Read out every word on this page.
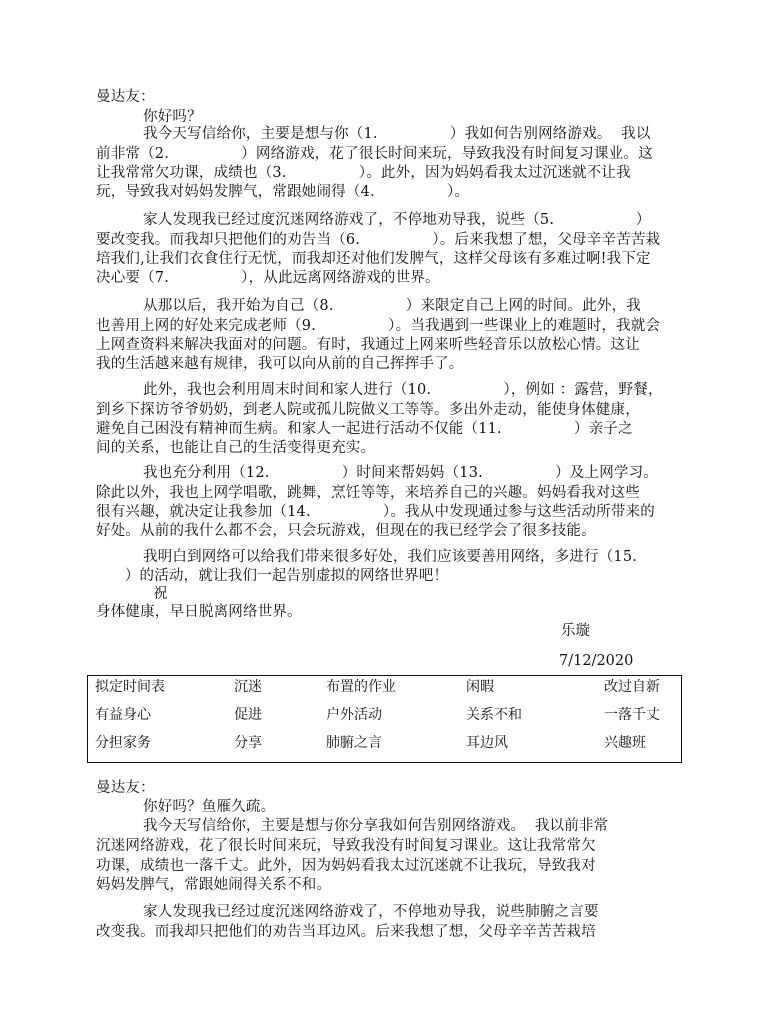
曼达友：
你好吗？
我今天写信给你，主要是想与你（1.               ）我如何告别网络游戏。  我以
前非常（2.               ）网络游戏，花了很长时间来玩，导致我没有时间复习课业。这
让我常常欠功课，成绩也（3.               ）。此外，因为妈妈看我太过沉迷就不让我
玩，导致我对妈妈发脾气，常跟她闹得（4.               ）。
家人发现我已经过度沉迷网络游戏了，不停地劝导我，说些（5.                 ）
要改变我。而我却只把他们的劝告当（6.               ）。后来我想了想，父母辛辛苦苦栽
培我们,让我们衣食住行无忧，而我却还对他们发脾气，这样父母该有多难过啊!我下定
决心要（7.               ），从此远离网络游戏的世界。
从那以后，我开始为自己（8.               ）来限定自己上网的时间。此外，我
也善用上网的好处来完成老师（9.               ）。当我遇到一些课业上的难题时，我就会
上网查资料来解决我面对的问题。有时，我通过上网来听些轻音乐以放松心情。这让
我的生活越来越有规律，我可以向从前的自己挥挥手了。
此外，我也会利用周末时间和家人进行（10.               ），例如 ：露营，野餐，
到乡下探访爷爷奶奶，到老人院或孤儿院做义工等等。多出外走动，能使身体健康，
避免自己困没有精神而生病。和家人一起进行活动不仅能（11.               ）亲子之
间的关系，也能让自己的生活变得更充实。
我也充分利用（12.               ）时间来帮妈妈（13.               ）及上网学习。
除此以外，我也上网学唱歌，跳舞，烹饪等等，来培养自己的兴趣。妈妈看我对这些
很有兴趣，就决定让我参加（14.               ）。我从中发现通过参与这些活动所带来的
好处。从前的我什么都不会，只会玩游戏，但现在的我已经学会了很多技能。
我明白到网络可以给我们带来很多好处，我们应该要善用网络，多进行（15.
）的活动，就让我们一起告别虚拟的网络世界吧！
祝
身体健康，早日脱离网络世界。
乐璇
7/12/2020
拟定时间表	沉迷	布置的作业	闲暇	改过自新
有益身心	促进	户外活动	关系不和	一落千丈
分担家务	分享	肺腑之言	耳边风	兴趣班
曼达友：
你好吗？鱼雁久疏。
我今天写信给你，主要是想与你分享我如何告别网络游戏。  我以前非常
沉迷网络游戏，花了很长时间来玩，导致我没有时间复习课业。这让我常常欠
功课，成绩也一落千丈。此外，因为妈妈看我太过沉迷就不让我玩，导致我对
妈妈发脾气，常跟她闹得关系不和。
家人发现我已经过度沉迷网络游戏了，不停地劝导我，说些肺腑之言要
改变我。而我却只把他们的劝告当耳边风。后来我想了想，父母辛辛苦苦栽培
